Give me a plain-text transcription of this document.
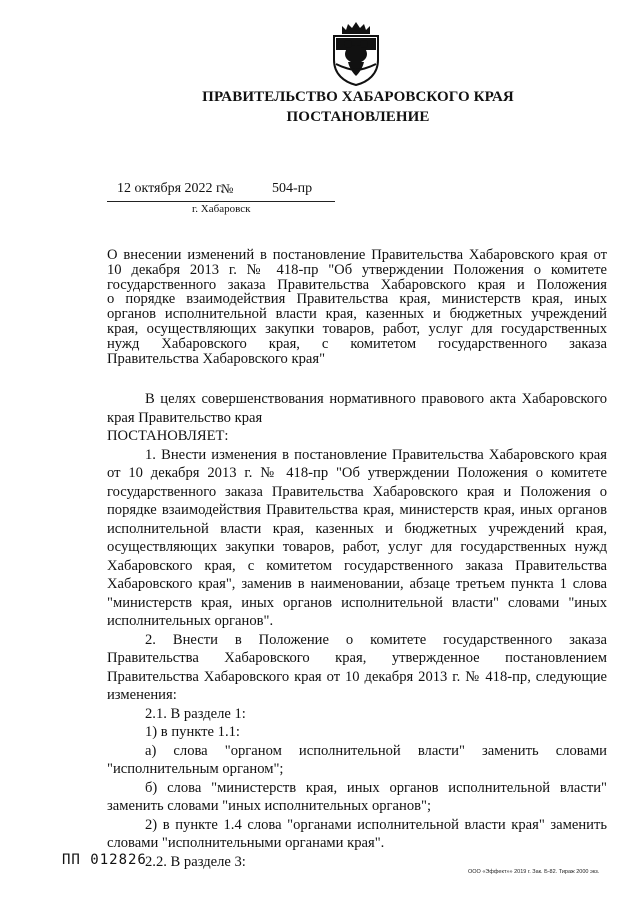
ПРАВИТЕЛЬСТВО ХАБАРОВСКОГО КРАЯ
ПОСТАНОВЛЕНИЕ
12 октября 2022 г.
№	504-пр
г. Хабаровск
О внесении изменений в постановление Правительства Хабаровского края от
10 декабря 2013 г. № 418-пр "Об утверждении Положения о комитете
государственного заказа Правительства Хабаровского края и Положения
о порядке взаимодействия Правительства края, министерств края, иных
органов исполнительной власти края, казенных и бюджетных учреждений
края, осуществляющих закупки товаров, работ, услуг для государственных
нужд Хабаровского края, с комитетом государственного заказа
Правительства Хабаровского края"

В целях совершенствования нормативного правового акта Хабаровского края Правительство края

ПОСТАНОВЛЯЕТ:

1. Внести изменения в постановление Правительства Хабаровского края от 10 декабря 2013 г. № 418-пр "Об утверждении Положения о комитете государственного заказа Правительства Хабаровского края и Положения о порядке взаимодействия Правительства края, министерств края, иных органов исполнительной власти края, казенных и бюджетных учреждений края, осуществляющих закупки товаров, работ, услуг для государственных нужд Хабаровского края, с комитетом государственного заказа Правительства Хабаровского края", заменив в наименовании, абзаце третьем пункта 1 слова "министерств края, иных органов исполнительной власти" словами "иных исполнительных органов".

2. Внести в Положение о комитете государственного заказа Правительства Хабаровского края, утвержденное постановлением Правительства Хабаровского края от 10 декабря 2013 г. № 418-пр, следующие изменения:

2.1. В разделе 1:

1) в пункте 1.1:

а) слова "органом исполнительной власти" заменить словами "исполнительным органом";

б) слова "министерств края, иных органов исполнительной власти" заменить словами "иных исполнительных органов";

2) в пункте 1.4 слова "органами исполнительной власти края" заменить словами "исполнительными органами края".

2.2. В разделе 3:

ПП 012826
ООО «Эффект»» 2019 г. Зак. Б-82. Тираж 2000 экз.
